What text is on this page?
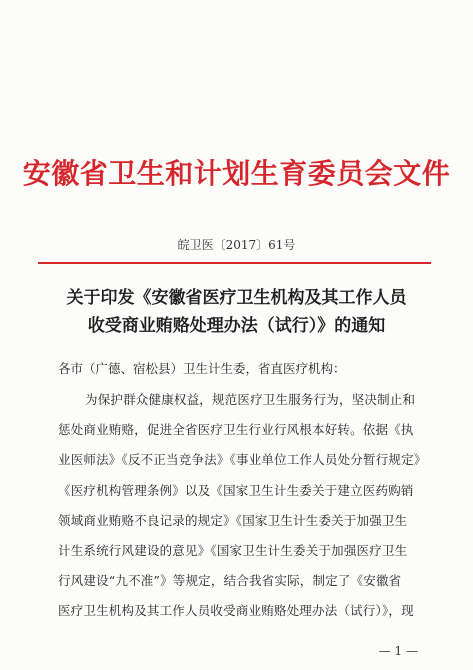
安徽省卫生和计划生育委员会文件
皖卫医〔2017〕61号
关于印发《安徽省医疗卫生机构及其工作人员
收受商业贿赂处理办法（试行）》的通知
各市（广德、宿松县）卫生计生委，省直医疗机构：
为保护群众健康权益，规范医疗卫生服务行为，坚决制止和
惩处商业贿赂，促进全省医疗卫生行业行风根本好转。依据《执
业医师法》《反不正当竞争法》《事业单位工作人员处分暂行规定》
《医疗机构管理条例》以及《国家卫生计生委关于建立医药购销
领域商业贿赂不良记录的规定》《国家卫生计生委关于加强卫生
计生系统行风建设的意见》《国家卫生计生委关于加强医疗卫生
行风建设“九不准”》等规定，结合我省实际，制定了《安徽省
医疗卫生机构及其工作人员收受商业贿赂处理办法（试行）》，现
— 1 —
